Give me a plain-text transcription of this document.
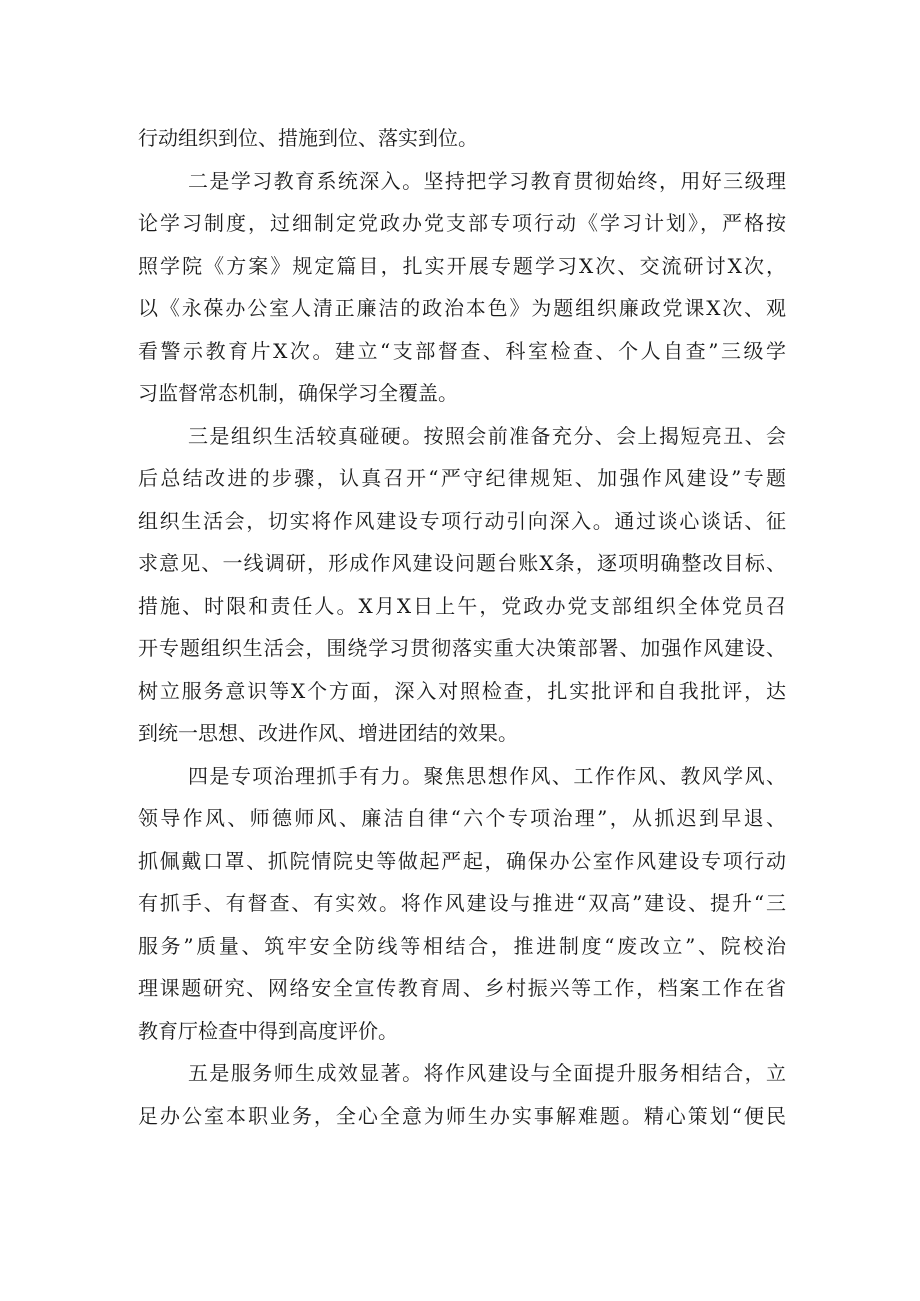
行动组织到位、措施到位、落实到位。
二是学习教育系统深入。坚持把学习教育贯彻始终，用好三级理
论学习制度，过细制定党政办党支部专项行动《学习计划》，严格按
照学院《方案》规定篇目，扎实开展专题学习X次、交流研讨X次，
以《永葆办公室人清正廉洁的政治本色》为题组织廉政党课X次、观
看警示教育片X次。建立“支部督查、科室检查、个人自查”三级学
习监督常态机制，确保学习全覆盖。
三是组织生活较真碰硬。按照会前准备充分、会上揭短亮丑、会
后总结改进的步骤，认真召开“严守纪律规矩、加强作风建设”专题
组织生活会，切实将作风建设专项行动引向深入。通过谈心谈话、征
求意见、一线调研，形成作风建设问题台账X条，逐项明确整改目标、
措施、时限和责任人。X月X日上午，党政办党支部组织全体党员召
开专题组织生活会，围绕学习贯彻落实重大决策部署、加强作风建设、
树立服务意识等X个方面，深入对照检查，扎实批评和自我批评，达
到统一思想、改进作风、增进团结的效果。
四是专项治理抓手有力。聚焦思想作风、工作作风、教风学风、
领导作风、师德师风、廉洁自律“六个专项治理”，从抓迟到早退、
抓佩戴口罩、抓院情院史等做起严起，确保办公室作风建设专项行动
有抓手、有督查、有实效。将作风建设与推进“双高”建设、提升“三
服务”质量、筑牢安全防线等相结合，推进制度“废改立”、院校治
理课题研究、网络安全宣传教育周、乡村振兴等工作，档案工作在省
教育厅检查中得到高度评价。
五是服务师生成效显著。将作风建设与全面提升服务相结合，立
足办公室本职业务，全心全意为师生办实事解难题。精心策划“便民
